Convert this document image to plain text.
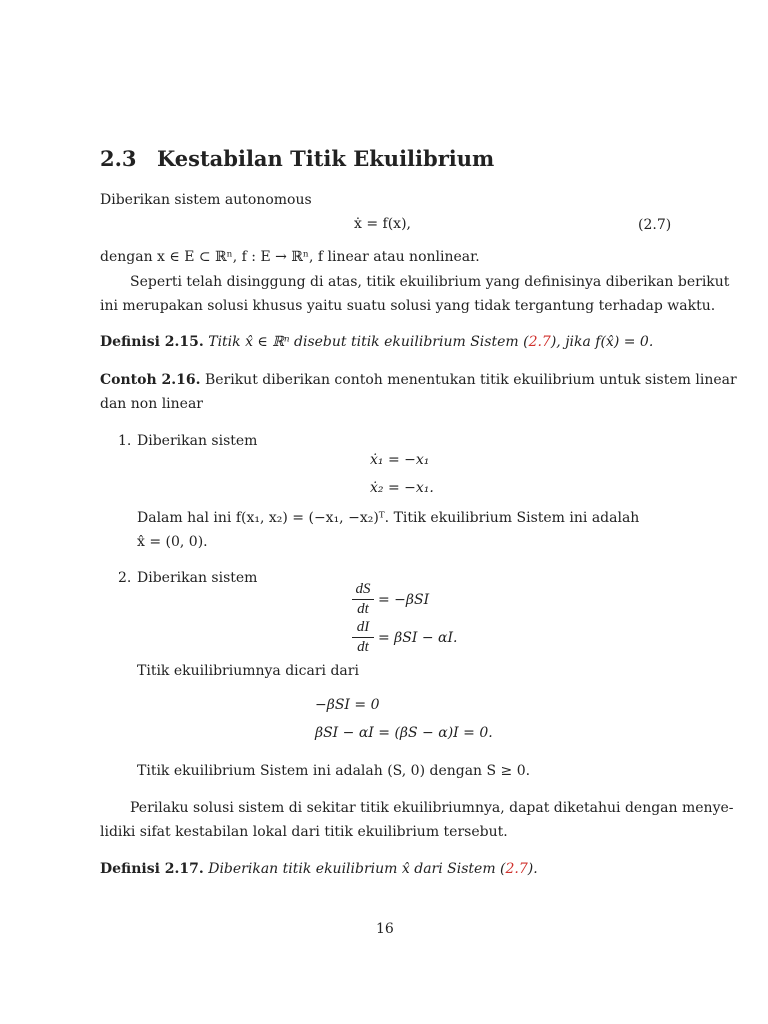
2.3 Kestabilan Titik Ekuilibrium
Diberikan sistem autonomous
ẋ = f(x),	(2.7)
dengan x ∈ E ⊂ ℝⁿ, f : E → ℝⁿ, f linear atau nonlinear.
Seperti telah disinggung di atas, titik ekuilibrium yang definisinya diberikan berikut
ini merupakan solusi khusus yaitu suatu solusi yang tidak tergantung terhadap waktu.
Definisi 2.15. Titik x̂ ∈ ℝⁿ disebut titik ekuilibrium Sistem (2.7), jika f(x̂) = 0.
Contoh 2.16. Berikut diberikan contoh menentukan titik ekuilibrium untuk sistem linear
dan non linear
1. Diberikan sistem
ẋ₁ = −x₁
ẋ₂ = −x₁.
Dalam hal ini f(x₁, x₂) = (−x₁, −x₂)ᵀ. Titik ekuilibrium Sistem ini adalah
x̂ = (0, 0).
2. Diberikan sistem
dS
dt
= −βSI
dI
dt
= βSI − αI.
Titik ekuilibriumnya dicari dari
−βSI = 0
βSI − αI = (βS − α)I = 0.
Titik ekuilibrium Sistem ini adalah (S, 0) dengan S ≥ 0.
Perilaku solusi sistem di sekitar titik ekuilibriumnya, dapat diketahui dengan menye-
lidiki sifat kestabilan lokal dari titik ekuilibrium tersebut.
Definisi 2.17. Diberikan titik ekuilibrium x̂ dari Sistem (2.7).
16
